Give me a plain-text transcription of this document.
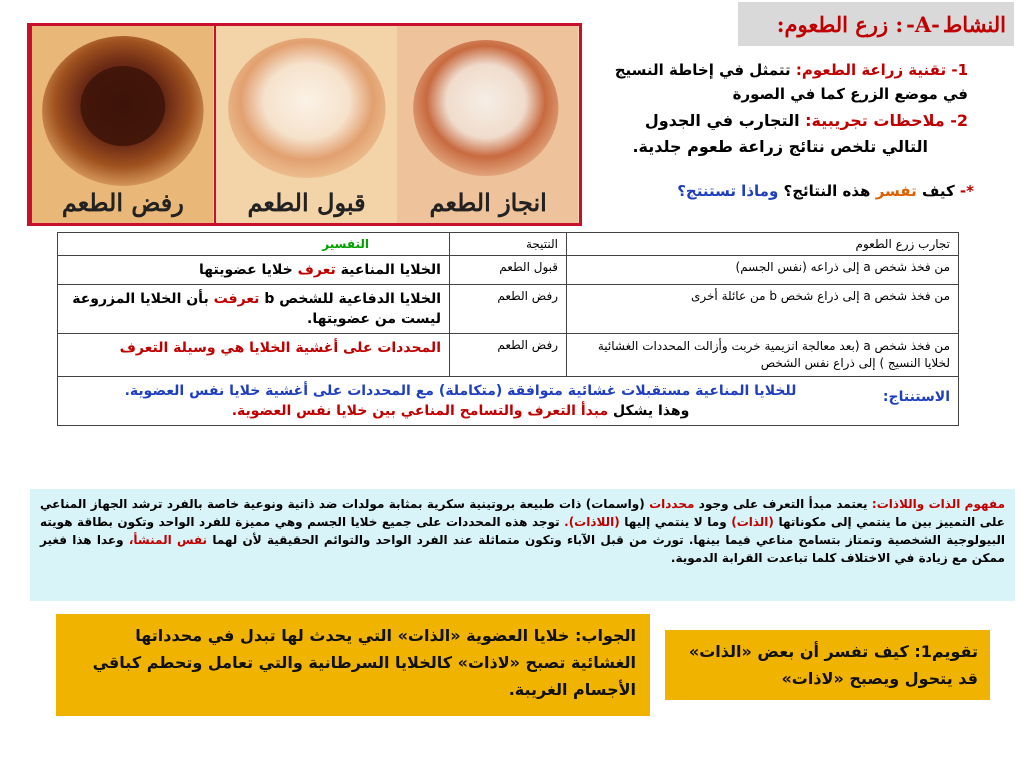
النشاط
-A-
: زرع الطعوم:
رفض الطعم	قبول الطعم	انجاز الطعم
1- تقنية زراعة الطعوم: تتمثل في إخاطة النسيج
في موضع الزرع كما في الصورة
2- ملاحظات تجريبية: التجارب في الجدول
التالي تلخص نتائج زراعة طعوم جلدية.
*- كيف تفسر هذه النتائج؟ وماذا تستنتج؟
تجارب زرع الطعوم	النتيجة	التفسير
من فخذ شخص a إلى ذراعه (نفس الجسم)	قبول الطعم	الخلايا المناعية تعرف خلايا عضويتها
من فخذ شخص a إلى ذراع شخص b من عائلة أخرى	رفض الطعم	الخلايا الدفاعية للشخص b تعرفت بأن الخلايا المزروعة ليست من عضويتها.
من فخذ شخص a (بعد معالجة انزيمية خربت وأزالت المحددات الغشائية لخلايا النسيج ) إلى ذراع نفس الشخص	رفض الطعم	المحددات على أغشية الخلايا هي وسيلة التعرف

الاستنتاج:
للخلايا المناعية مستقبلات غشائية متوافقة (متكاملة) مع المحددات على أغشية خلايا نفس العضوية.
وهذا يشكل مبدأ التعرف والتسامح المناعي بين خلايا نفس العضوية.		
مفهوم الذات واللاذات: يعتمد مبدأ التعرف على وجود محددات (واسمات) ذات طبيعة بروتينية سكرية بمثابة مولدات ضد ذاتية ونوعية خاصة بالفرد ترشد الجهاز المناعي على التمييز بين ما ينتمي إلى مكوناتها (الذات) وما لا ينتمي إليها (اللاذات). توجد هذه المحددات على جميع خلايا الجسم وهي مميزة للفرد الواحد وتكون بطاقة هويته البيولوجية الشخصية وتمتاز بتسامح مناعي فيما بينها. تورث من قبل الآباء وتكون متماثلة عند الفرد الواحد والتوائم الحقيقية لأن لهما نفس المنشأ، وعدا هذا فغير ممكن مع زيادة في الاختلاف كلما تباعدت القرابة الدموية.
الجواب: خلايا العضوية «الذات» التي يحدث لها تبدل في محدداتها الغشائية تصبح «لاذات» كالخلايا السرطانية والتي تعامل وتحطم كباقي الأجسام الغريبة.
تقويم1: كيف تفسر أن بعض «الذات» قد يتحول ويصبح «لاذات»
